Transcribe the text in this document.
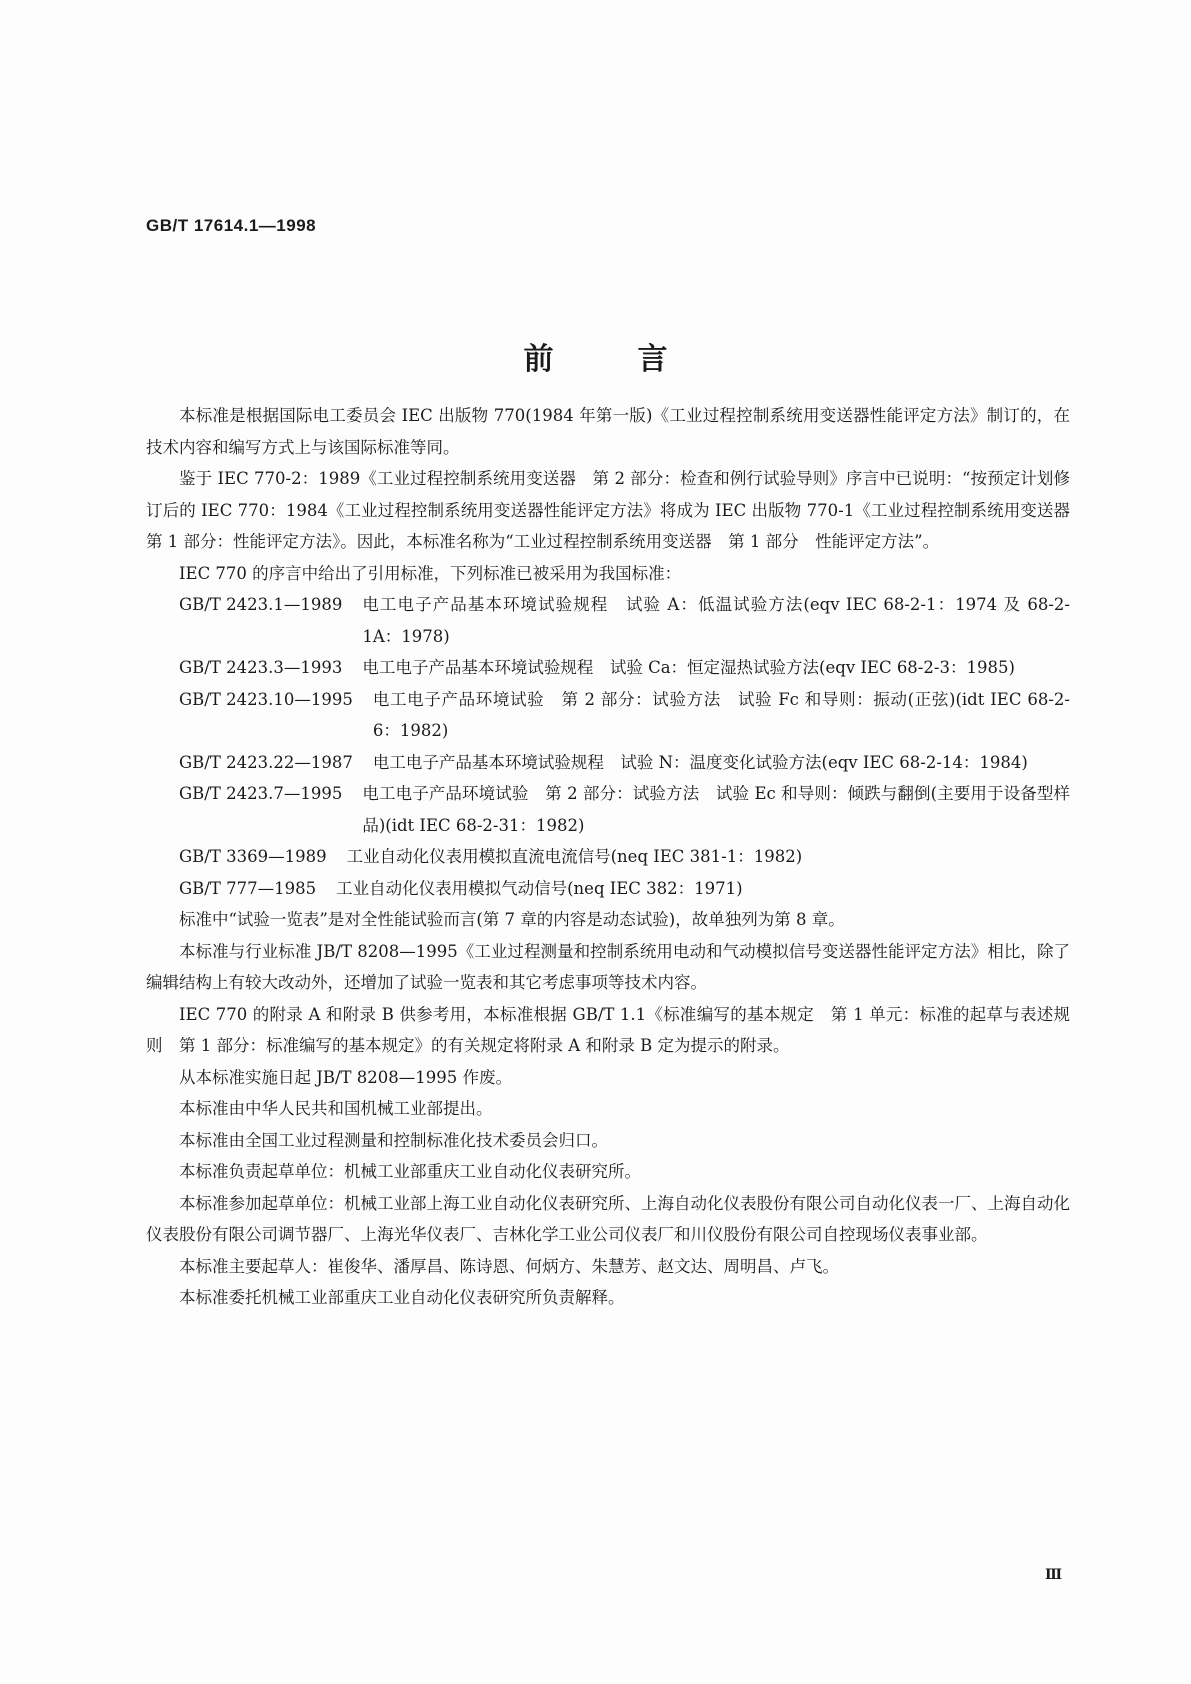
GB/T 17614.1—1998
前言

本标准是根据国际电工委员会 IEC 出版物 770(1984 年第一版)《工业过程控制系统用变送器性能评定方法》制订的，在技术内容和编写方式上与该国际标准等同。

鉴于 IEC 770-2：1989《工业过程控制系统用变送器　第 2 部分：检查和例行试验导则》序言中已说明：“按预定计划修订后的 IEC 770：1984《工业过程控制系统用变送器性能评定方法》将成为 IEC 出版物 770-1《工业过程控制系统用变送器　第 1 部分：性能评定方法》。因此，本标准名称为“工业过程控制系统用变送器　第 1 部分　性能评定方法”。

IEC 770 的序言中给出了引用标准，下列标准已被采用为我国标准：

GB/T 2423.1—1989	电工电子产品基本环境试验规程　试验 A：低温试验方法(eqv IEC 68-2-1：1974 及 68-2-1A：1978)
GB/T 2423.3—1993	电工电子产品基本环境试验规程　试验 Ca：恒定湿热试验方法(eqv IEC 68-2-3：1985)
GB/T 2423.10—1995	电工电子产品环境试验　第 2 部分：试验方法　试验 Fc 和导则：振动(正弦)(idt IEC 68-2-6：1982)
GB/T 2423.22—1987	电工电子产品基本环境试验规程　试验 N：温度变化试验方法(eqv IEC 68-2-14：1984)
GB/T 2423.7—1995	电工电子产品环境试验　第 2 部分：试验方法　试验 Ec 和导则：倾跌与翻倒(主要用于设备型样品)(idt IEC 68-2-31：1982)
GB/T 3369—1989	工业自动化仪表用模拟直流电流信号(neq IEC 381-1：1982)
GB/T 777—1985	工业自动化仪表用模拟气动信号(neq IEC 382：1971)

标准中“试验一览表”是对全性能试验而言(第 7 章的内容是动态试验)，故单独列为第 8 章。

本标准与行业标准 JB/T 8208—1995《工业过程测量和控制系统用电动和气动模拟信号变送器性能评定方法》相比，除了编辑结构上有较大改动外，还增加了试验一览表和其它考虑事项等技术内容。

IEC 770 的附录 A 和附录 B 供参考用，本标准根据 GB/T 1.1《标准编写的基本规定　第 1 单元：标准的起草与表述规则　第 1 部分：标准编写的基本规定》的有关规定将附录 A 和附录 B 定为提示的附录。

从本标准实施日起 JB/T 8208—1995 作废。

本标准由中华人民共和国机械工业部提出。

本标准由全国工业过程测量和控制标准化技术委员会归口。

本标准负责起草单位：机械工业部重庆工业自动化仪表研究所。

本标准参加起草单位：机械工业部上海工业自动化仪表研究所、上海自动化仪表股份有限公司自动化仪表一厂、上海自动化仪表股份有限公司调节器厂、上海光华仪表厂、吉林化学工业公司仪表厂和川仪股份有限公司自控现场仪表事业部。

本标准主要起草人：崔俊华、潘厚昌、陈诗恩、何炳方、朱慧芳、赵文达、周明昌、卢飞。

本标准委托机械工业部重庆工业自动化仪表研究所负责解释。

Ⅲ
